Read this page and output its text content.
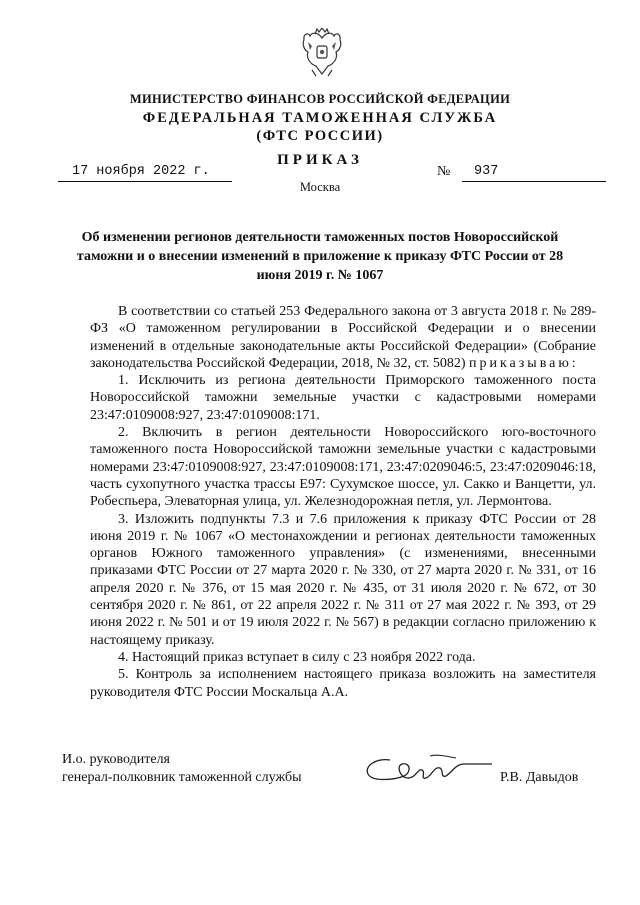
МИНИСТЕРСТВО ФИНАНСОВ РОССИЙСКОЙ ФЕДЕРАЦИИ
ФЕДЕРАЛЬНАЯ ТАМОЖЕННАЯ СЛУЖБА
(ФТС РОССИИ)
ПРИКАЗ
17 ноября 2022 г.	№	937
Москва
Об изменении регионов деятельности таможенных постов Новороссийской таможни и о внесении изменений в приложение к приказу ФТС России от 28 июня 2019 г. № 1067

В соответствии со статьей 253 Федерального закона от 3 августа 2018 г. № 289-ФЗ «О таможенном регулировании в Российской Федерации и о внесении изменений в отдельные законодательные акты Российской Федерации» (Собрание законодательства Российской Федерации, 2018, № 32, ст. 5082) приказываю:

1. Исключить из региона деятельности Приморского таможенного поста Новороссийской таможни земельные участки с кадастровыми номерами 23:47:0109008:927, 23:47:0109008:171.

2. Включить в регион деятельности Новороссийского юго-восточного таможенного поста Новороссийской таможни земельные участки с кадастровыми номерами 23:47:0109008:927, 23:47:0109008:171, 23:47:0209046:5, 23:47:0209046:18, часть сухопутного участка трассы Е97: Сухумское шоссе, ул. Сакко и Ванцетти, ул. Робеспьера, Элеваторная улица, ул. Железнодорожная петля, ул. Лермонтова.

3. Изложить подпункты 7.3 и 7.6 приложения к приказу ФТС России от 28 июня 2019 г. № 1067 «О местонахождении и регионах деятельности таможенных органов Южного таможенного управления» (с изменениями, внесенными приказами ФТС России от 27 марта 2020 г. № 330, от 27 марта 2020 г. № 331, от 16 апреля 2020 г. № 376, от 15 мая 2020 г. № 435, от 31 июля 2020 г. № 672, от 30 сентября 2020 г. № 861, от 22 апреля 2022 г. № 311 от 27 мая 2022 г. № 393, от 29 июня 2022 г. № 501 и от 19 июля 2022 г. № 567) в редакции согласно приложению к настоящему приказу.

4. Настоящий приказ вступает в силу с 23 ноября 2022 года.

5. Контроль за исполнением настоящего приказа возложить на заместителя руководителя ФТС России Москальца А.А.

И.о. руководителя
генерал-полковник таможенной службы	Р.В. Давыдов
